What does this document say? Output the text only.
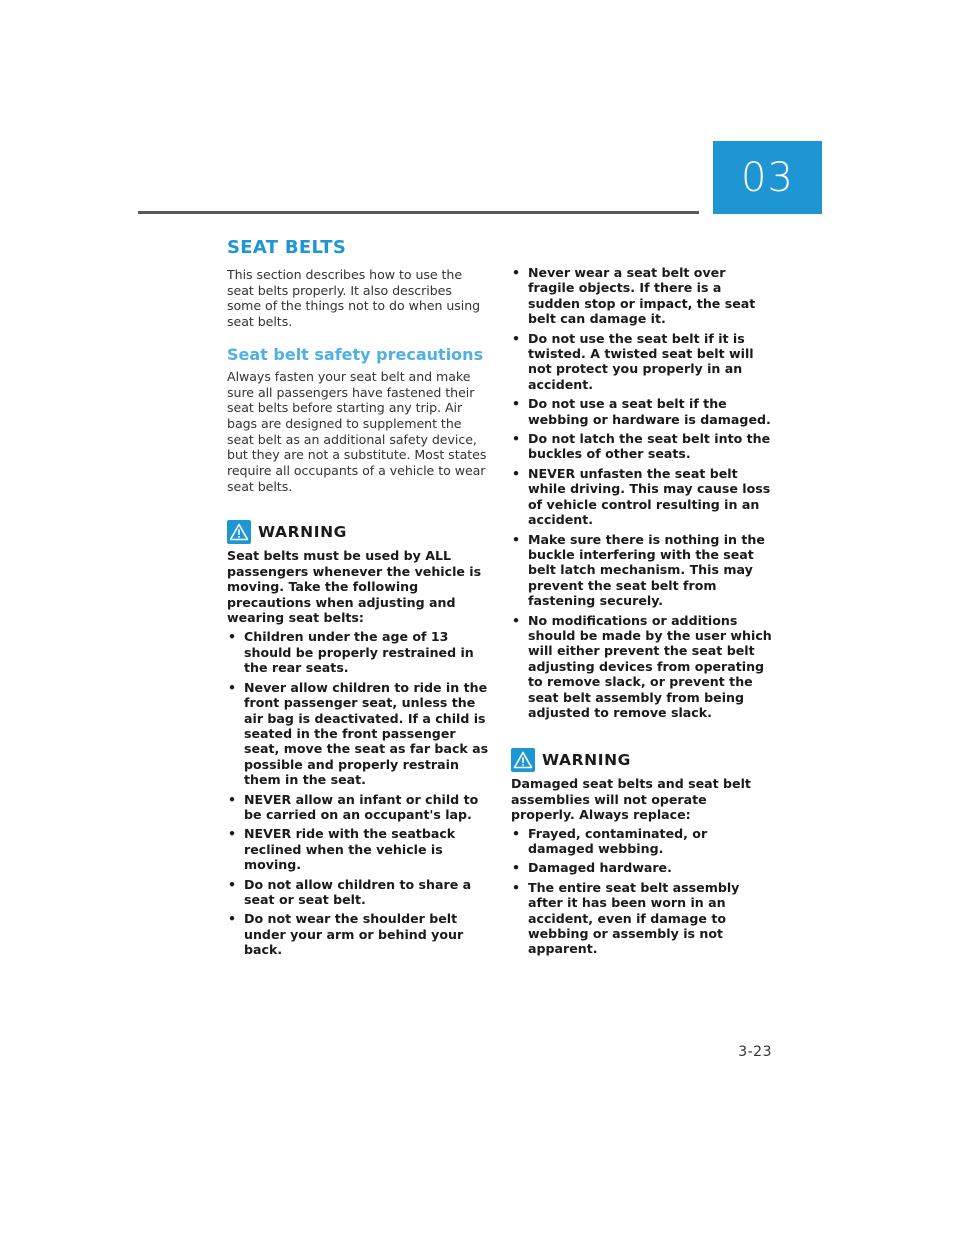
03
SEAT BELTS

This section describes how to use the seat belts properly. It also describes some of the things not to do when using seat belts.

Seat belt safety precautions

Always fasten your seat belt and make sure all passengers have fastened their seat belts before starting any trip. Air bags are designed to supplement the seat belt as an additional safety device, but they are not a substitute. Most states require all occupants of a vehicle to wear seat belts.

WARNING

Seat belts must be used by ALL passengers whenever the vehicle is moving. Take the following precautions when adjusting and wearing seat belts:

• Children under the age of 13 should be properly restrained in the rear seats.
• Never allow children to ride in the front passenger seat, unless the air bag is deactivated. If a child is seated in the front passenger seat, move the seat as far back as possible and properly restrain them in the seat.
• NEVER allow an infant or child to be carried on an occupant's lap.
• NEVER ride with the seatback reclined when the vehicle is moving.
• Do not allow children to share a seat or seat belt.
• Do not wear the shoulder belt under your arm or behind your back.
• Never wear a seat belt over fragile objects. If there is a sudden stop or impact, the seat belt can damage it.
• Do not use the seat belt if it is twisted. A twisted seat belt will not protect you properly in an accident.
• Do not use a seat belt if the webbing or hardware is damaged.
• Do not latch the seat belt into the buckles of other seats.
• NEVER unfasten the seat belt while driving. This may cause loss of vehicle control resulting in an accident.
• Make sure there is nothing in the buckle interfering with the seat belt latch mechanism. This may prevent the seat belt from fastening securely.
• No modifications or additions should be made by the user which will either prevent the seat belt adjusting devices from operating to remove slack, or prevent the seat belt assembly from being adjusted to remove slack.
WARNING

Damaged seat belts and seat belt assemblies will not operate properly. Always replace:

• Frayed, contaminated, or damaged webbing.
• Damaged hardware.
• The entire seat belt assembly after it has been worn in an accident, even if damage to webbing or assembly is not apparent.
3-23
